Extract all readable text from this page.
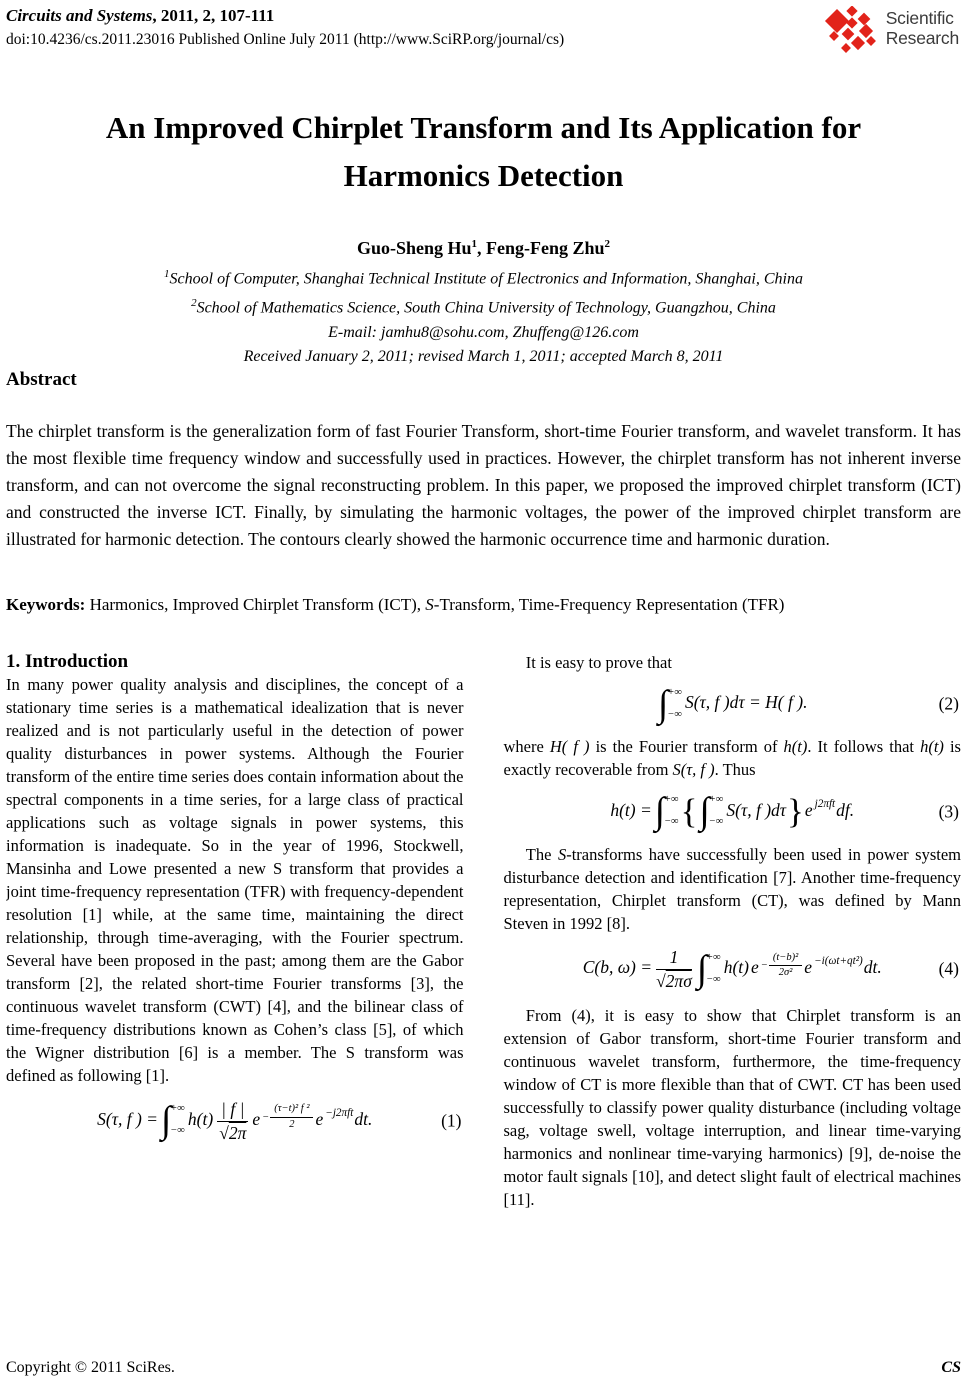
Circuits and Systems, 2011, 2, 107-111
doi:10.4236/cs.2011.23016 Published Online July 2011 (http://www.SciRP.org/journal/cs)
Scientific
Research
An Improved Chirplet Transform and Its Application for
Harmonics Detection
Guo-Sheng Hu$^1$, Feng-Feng Zhu$^2$
$^1$School of Computer, Shanghai Technical Institute of Electronics and Information, Shanghai, China
$^2$School of Mathematics Science, South China University of Technology, Guangzhou, China
E-mail: jamhu8@sohu.com, Zhuffeng@126.com
Received January 2, 2011; revised March 1, 2011; accepted March 8, 2011
Abstract

The chirplet transform is the generalization form of fast Fourier Transform, short-time Fourier transform, and wavelet transform. It has the most flexible time frequency window and successfully used in practices. However, the chirplet transform has not inherent inverse transform, and can not overcome the signal reconstructing problem. In this paper, we proposed the improved chirplet transform (ICT) and constructed the inverse ICT. Finally, by simulating the harmonic voltages, the power of the improved chirplet transform are illustrated for harmonic detection. The contours clearly showed the harmonic occurrence time and harmonic duration.

Keywords: Harmonics, Improved Chirplet Transform (ICT), S-Transform, Time-Frequency Representation (TFR)

1. Introduction

In many power quality analysis and disciplines, the concept of a stationary time series is a mathematical idealization that is never realized and is not particularly useful in the detection of power quality disturbances in power systems. Although the Fourier transform of the entire time series does contain information about the spectral components in a time series, for a large class of practical applications such as voltage signals in power systems, this information is inadequate. So in the year of 1996, Stockwell, Mansinha and Lowe presented a new S transform that provides a joint time-frequency representation (TFR) with frequency-dependent resolution [1] while, at the same time, maintaining the direct relationship, through time-averaging, with the Fourier spectrum. Several have been proposed in the past; among them are the Gabor transform [2], the related short-time Fourier transforms [3], the continuous wavelet transform (CWT) [4], and the bilinear class of time-frequency distributions known as Cohen’s class [5], of which the Wigner distribution [6] is a member. The S transform was defined as following [1].

S(τ, f ) = ∫ +∞
−∞
$h(t) \frac{| f |}{√2\pi}$ $e - \frac{\text{(τ−t)² f ²}}{2}$ e $^{-j2\pi ft}$dt.	(1)

It is easy to prove that

∫ +∞
−∞
S(τ, f )dτ = H( f ).	(2)

where H( f ) is the Fourier transform of h(t). It follows that h(t) is exactly recoverable from S(τ, f ). Thus

h(t) = ∫ +∞
−∞ { ∫ +∞
−∞
S(τ, f )dτ}e $^{j2\pi ft}$df.	(3)

The S-transforms have successfully been used in power system disturbance detection and identification [7]. Another time-frequency representation, Chirplet transform (CT), was defined by Mann Steven in 1992 [8].

C(b, $\omega) = \frac{1}{√2\pi\sigma}$ ∫ +∞
−∞
h(t) $e - \frac{\text{(t−b)²}}{\text{2σ²}}$ e $^{-i(\omega t+qt^2)}$dt.	(4)

From (4), it is easy to show that Chirplet transform is an extension of Gabor transform, short-time Fourier transform and continuous wavelet transform, furthermore, the time-frequency window of CT is more flexible than that of CWT. CT has been used successfully to classify power quality disturbance (including voltage sag, voltage swell, voltage interruption, and linear time-varying harmonics and nonlinear time-varying harmonics) [9], de-noise the motor fault signals [10], and detect slight fault of electrical machines [11].

Copyright © 2011 SciRes.	CS
